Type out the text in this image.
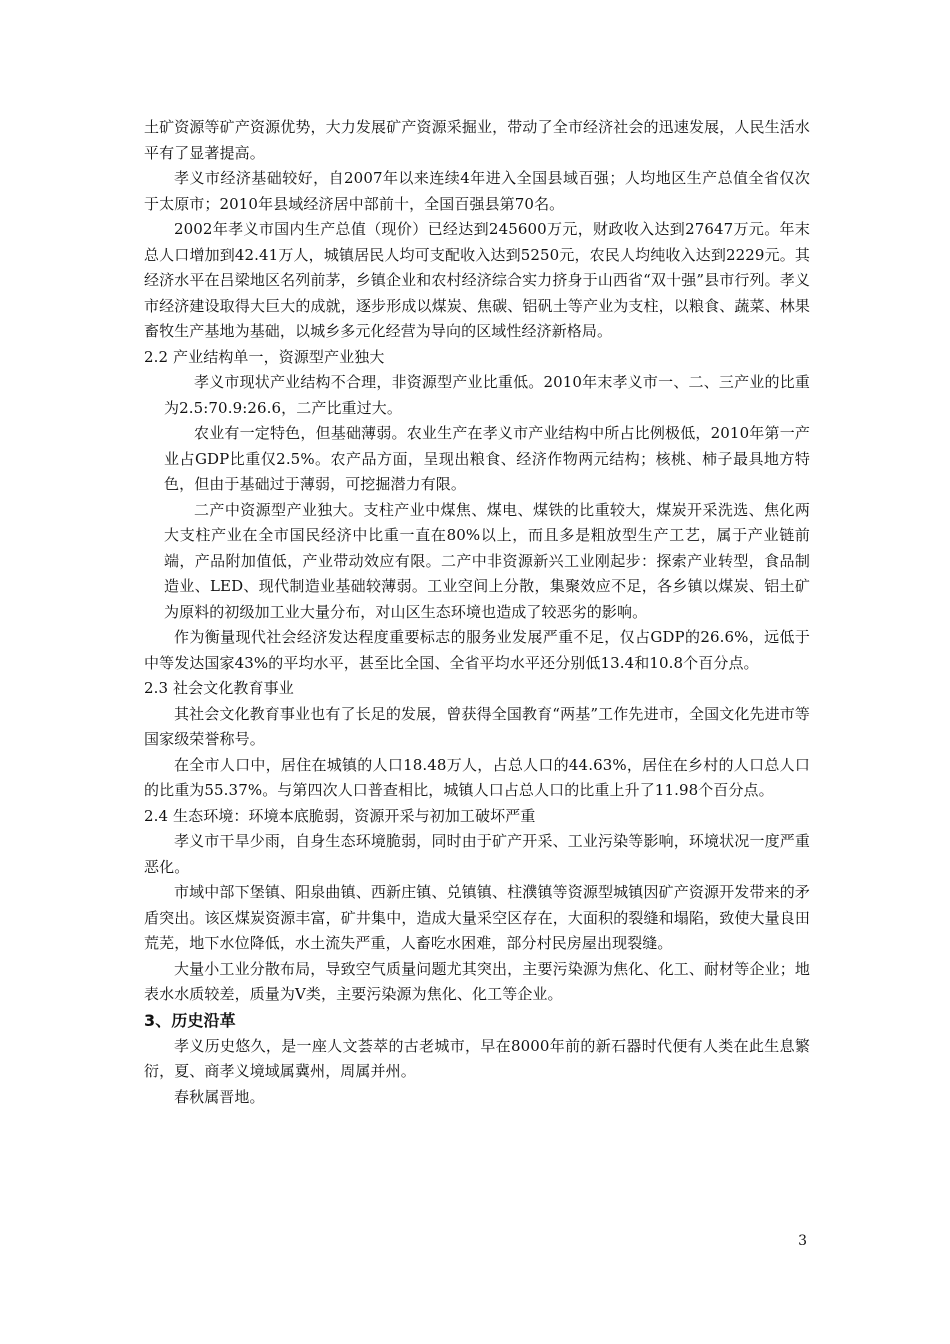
土矿资源等矿产资源优势，大力发展矿产资源采掘业，带动了全市经济社会的迅速发展，人民生活水平有了显著提高。

孝义市经济基础较好，自2007年以来连续4年进入全国县域百强；人均地区生产总值全省仅次于太原市；2010年县域经济居中部前十，全国百强县第70名。

2002年孝义市国内生产总值（现价）已经达到245600万元，财政收入达到27647万元。年末总人口增加到42.41万人，城镇居民人均可支配收入达到5250元，农民人均纯收入达到2229元。其经济水平在吕梁地区名列前茅，乡镇企业和农村经济综合实力挤身于山西省“双十强”县市行列。孝义市经济建设取得大巨大的成就，逐步形成以煤炭、焦碳、铝矾土等产业为支柱，以粮食、蔬菜、林果 畜牧生产基地为基础，以城乡多元化经营为导向的区域性经济新格局。

2.2 产业结构单一，资源型产业独大

孝义市现状产业结构不合理，非资源型产业比重低。2010年末孝义市一、二、三产业的比重为2.5:70.9:26.6，二产比重过大。

农业有一定特色，但基础薄弱。农业生产在孝义市产业结构中所占比例极低，2010年第一产业占GDP比重仅2.5%。农产品方面，呈现出粮食、经济作物两元结构；核桃、柿子最具地方特色，但由于基础过于薄弱，可挖掘潜力有限。

二产中资源型产业独大。支柱产业中煤焦、煤电、煤铁的比重较大，煤炭开采洗选、焦化两大支柱产业在全市国民经济中比重一直在80%以上，而且多是粗放型生产工艺，属于产业链前端，产品附加值低，产业带动效应有限。二产中非资源新兴工业刚起步：探索产业转型，食品制造业、LED、现代制造业基础较薄弱。工业空间上分散，集聚效应不足，各乡镇以煤炭、铝土矿为原料的初级加工业大量分布，对山区生态环境也造成了较恶劣的影响。

作为衡量现代社会经济发达程度重要标志的服务业发展严重不足，仅占GDP的26.6%，远低于中等发达国家43%的平均水平，甚至比全国、全省平均水平还分别低13.4和10.8个百分点。

2.3 社会文化教育事业

其社会文化教育事业也有了长足的发展，曾获得全国教育“两基”工作先进市，全国文化先进市等国家级荣誉称号。

在全市人口中，居住在城镇的人口18.48万人，占总人口的44.63%，居住在乡村的人口总人口的比重为55.37%。与第四次人口普查相比，城镇人口占总人口的比重上升了11.98个百分点。

2.4 生态环境：环境本底脆弱，资源开采与初加工破坏严重

孝义市干旱少雨，自身生态环境脆弱，同时由于矿产开采、工业污染等影响，环境状况一度严重恶化。

市域中部下堡镇、阳泉曲镇、西新庄镇、兑镇镇、柱濮镇等资源型城镇因矿产资源开发带来的矛盾突出。该区煤炭资源丰富，矿井集中，造成大量采空区存在，大面积的裂缝和塌陷，致使大量良田荒芜，地下水位降低，水土流失严重，人畜吃水困难，部分村民房屋出现裂缝。

大量小工业分散布局，导致空气质量问题尤其突出，主要污染源为焦化、化工、耐材等企业；地表水水质较差，质量为Ⅴ类，主要污染源为焦化、化工等企业。

3、历史沿革

孝义历史悠久，是一座人文荟萃的古老城市，早在8000年前的新石器时代便有人类在此生息繁衍，夏、商孝义境域属冀州，周属并州。

春秋属晋地。

3
